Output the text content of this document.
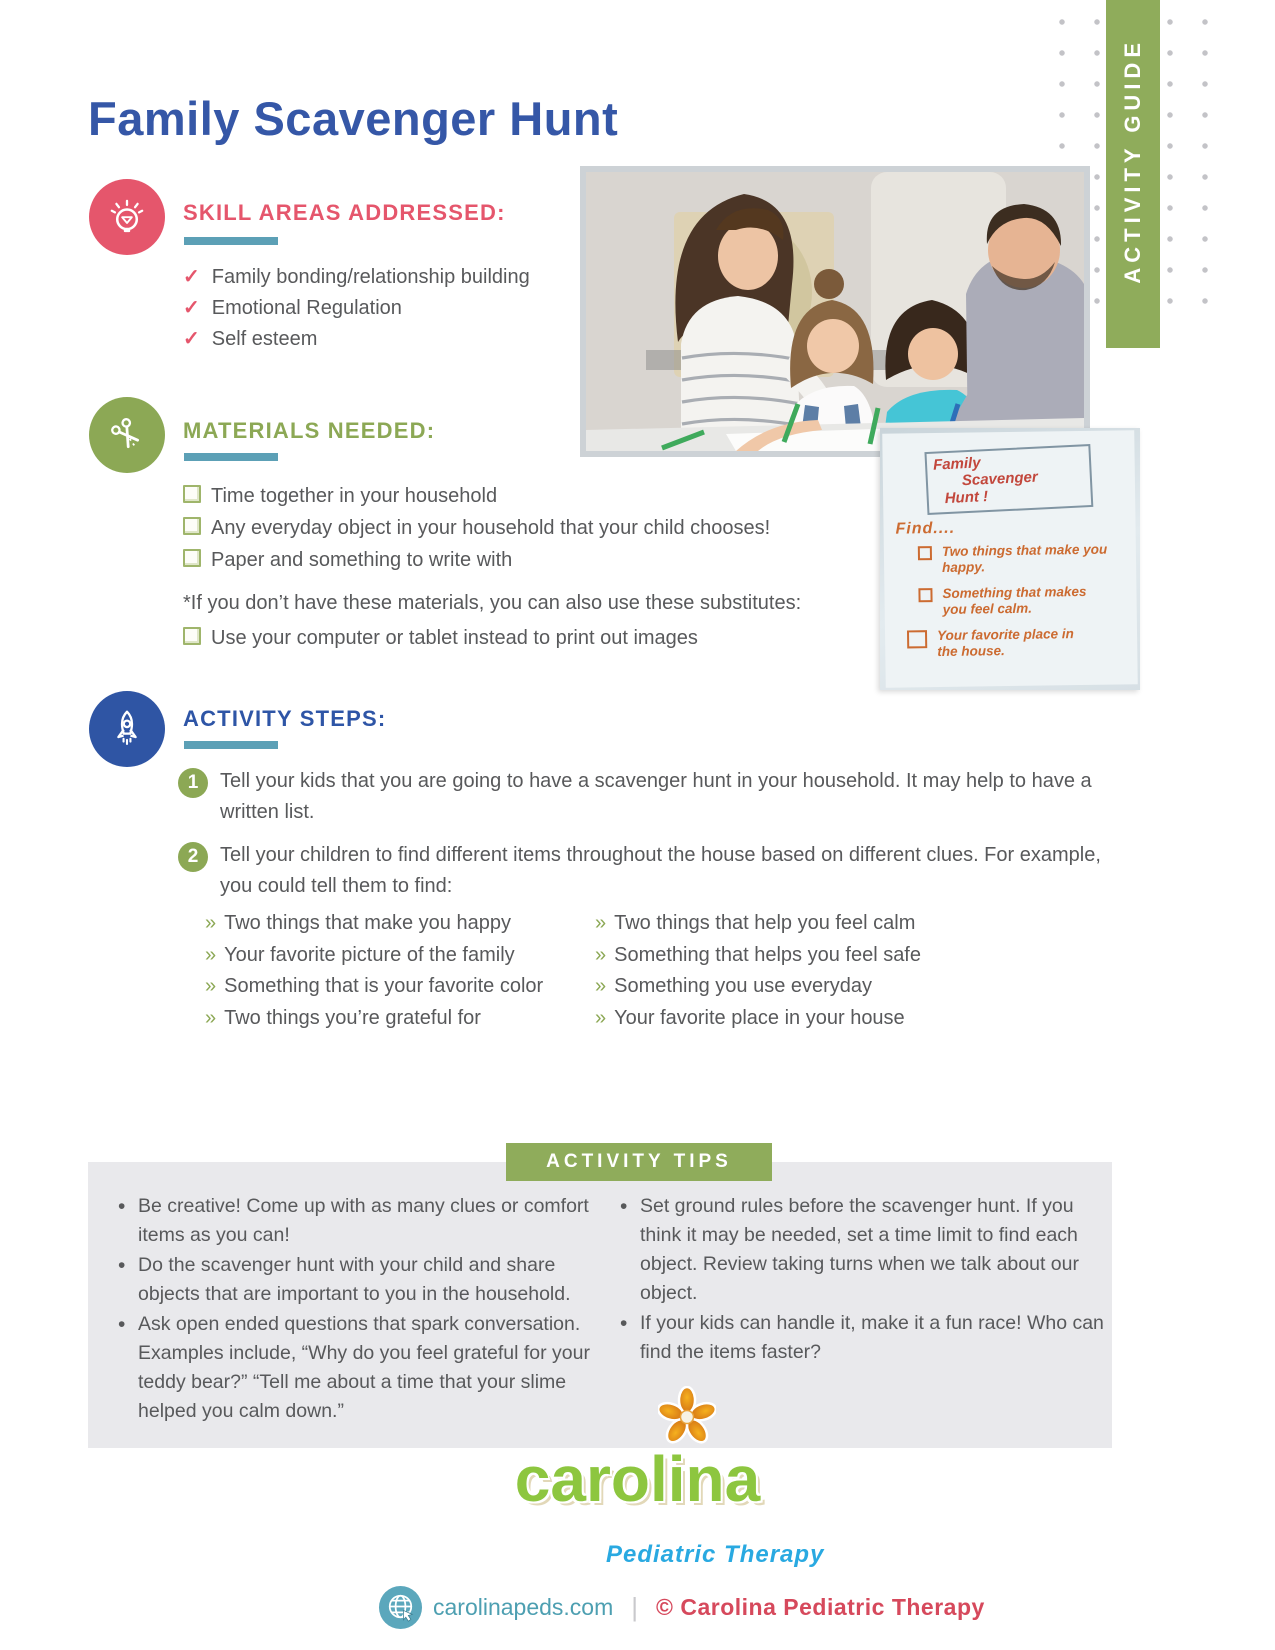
Family Scavenger Hunt	ACTIVITY GUIDE
Family
Scavenger
Hunt !
Find....
Two things that make you happy.
Something that makes you feel calm.
Your favorite place in the house.
SKILL AREAS ADDRESSED:
✓ Family bonding/relationship building
✓ Emotional Regulation
✓ Self esteem
MATERIALS NEEDED:
Time together in your household
Any everyday object in your household that your child chooses!
Paper and something to write with
*If you don’t have these materials, you can also use these substitutes:
Use your computer or tablet instead to print out images
ACTIVITY STEPS:
1	Tell your kids that you are going to have a scavenger hunt in your household. It may help to have a written list.
2	Tell your children to find different items throughout the house based on different clues. For example, you could tell them to find:
» Two things that make you happy
» Your favorite picture of the family
» Something that is your favorite color
» Two things you’re grateful for
» Two things that help you feel calm
» Something that helps you feel safe
» Something you use everyday
» Your favorite place in your house
ACTIVITY TIPS
• Be creative! Come up with as many clues or comfort items as you can!
• Do the scavenger hunt with your child and share objects that are important to you in the household.
• Ask open ended questions that spark conversation. Examples include, “Why do you feel grateful for your teddy bear?” “Tell me about a time that your slime helped you calm down.”
• Set ground rules before the scavenger hunt. If you think it may be needed, set a time limit to find each object. Review taking turns when we talk about our object.
• If your kids can handle it, make it a fun race! Who can find the items faster?
carolina
Pediatric Therapy
carolinapeds.com | © Carolina Pediatric Therapy
